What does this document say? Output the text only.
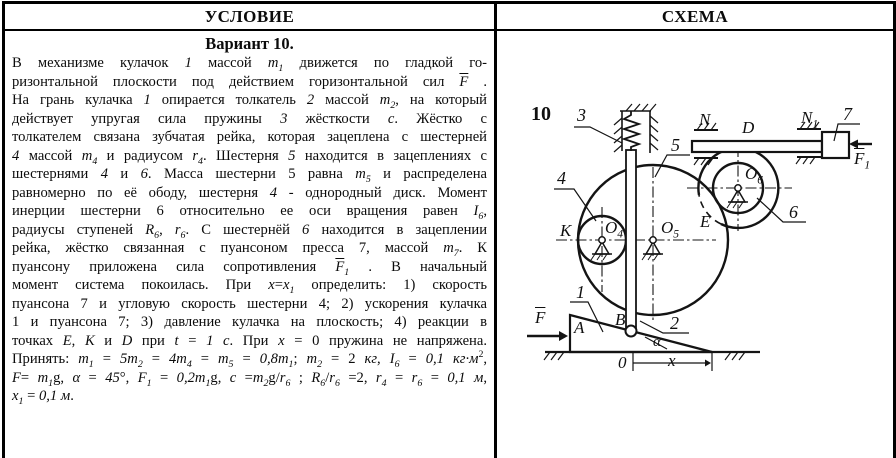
УСЛОВИЕ	СХЕМА
Вариант 10.
В механизме кулачок 1 массой $m_1$ движется по гладкой го-
ризонтальной плоскости под действием горизонтальной сил $\overline{F}$ .
На грань кулачка 1 опирается толкатель 2 массой $m_2$, на который
действует упругая сила пружины 3 жёсткости c. Жёстко с
толкателем связана зубчатая рейка, которая зацеплена с шестерней
4 массой $m_4$ и радиусом $r_4$. Шестерня 5 находится в зацеплениях с
шестернями 4 и 6. Масса шестерни 5 равна $m_5$ и распределена
равномерно по её ободу, шестерня 4 - однородный диск. Момент
инерции шестерни 6 относительно ее оси вращения равен $I_6$,
радиусы ступеней $R_6$, $r_6$. С шестернёй 6 находится в зацеплении
рейка, жёстко связанная с пуансоном пресса 7, массой $m_7$. К
пуансону приложена сила сопротивления $\overline{F}_1$ . В начальный
момент система покоилась. При $x=x_1$ определить: 1) скорость
пуансона 7 и угловую скорость шестерни 4; 2) ускорения кулачка
1 и пуансона 7; 3) давление кулачка на плоскость; 4) реакции в
точках E, К и D при t = 1 c. При x = 0 пружина не напряжена.
Принять: $m_1 = 5m_2 = 4m_4 = m_5 = 0,8m_1$; $m_2 = 2$ кг, $I_6 = 0,1$ $кг\cdot м^2$,
$F= m_1g$, α = 45°, $F_1 = 0,2m_1g$, $c =m_2g/r_6$ ; $R_6/r_6 =2$, $r_4 = r_6 = 0,1$ м,
$x_1 = 0,1$ м.
10 3
4
5
6
7
1
2
N D
$N_1$
$\overline{F}_1$
$O_4$ $O_5$
$O_6$
K	E
A B
α
$\overline{F}$
0 x
